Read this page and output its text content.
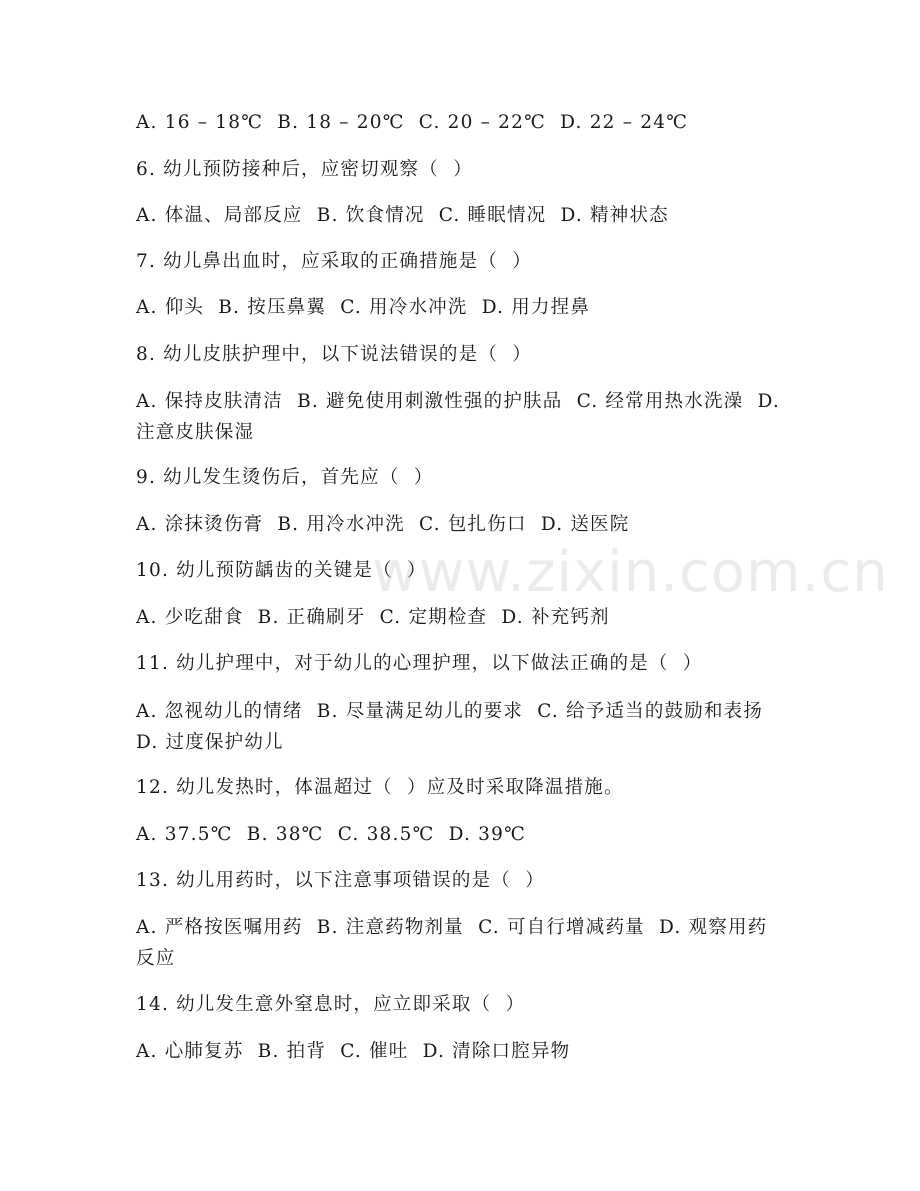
A. 16 – 18℃  B. 18 – 20℃  C. 20 – 22℃  D. 22 – 24℃
6. 幼儿预防接种后，应密切观察（  ）
A. 体温、局部反应  B. 饮食情况  C. 睡眠情况  D. 精神状态
7. 幼儿鼻出血时，应采取的正确措施是（  ）
A. 仰头  B. 按压鼻翼  C. 用冷水冲洗  D. 用力捏鼻
8. 幼儿皮肤护理中，以下说法错误的是（  ）
A. 保持皮肤清洁  B. 避免使用刺激性强的护肤品  C. 经常用热水洗澡  D. 注意皮肤保湿
9. 幼儿发生烫伤后，首先应（  ）
A. 涂抹烫伤膏  B. 用冷水冲洗  C. 包扎伤口  D. 送医院
10. 幼儿预防龋齿的关键是（  ）
A. 少吃甜食  B. 正确刷牙  C. 定期检查  D. 补充钙剂
11. 幼儿护理中，对于幼儿的心理护理，以下做法正确的是（  ）
A. 忽视幼儿的情绪  B. 尽量满足幼儿的要求  C. 给予适当的鼓励和表扬  D. 过度保护幼儿
12. 幼儿发热时，体温超过（  ）应及时采取降温措施。
A. 37.5℃  B. 38℃  C. 38.5℃  D. 39℃
13. 幼儿用药时，以下注意事项错误的是（  ）
A. 严格按医嘱用药  B. 注意药物剂量  C. 可自行增减药量  D. 观察用药反应
14. 幼儿发生意外窒息时，应立即采取（  ）
A. 心肺复苏  B. 拍背  C. 催吐  D. 清除口腔异物
www.zixin.com.cn
